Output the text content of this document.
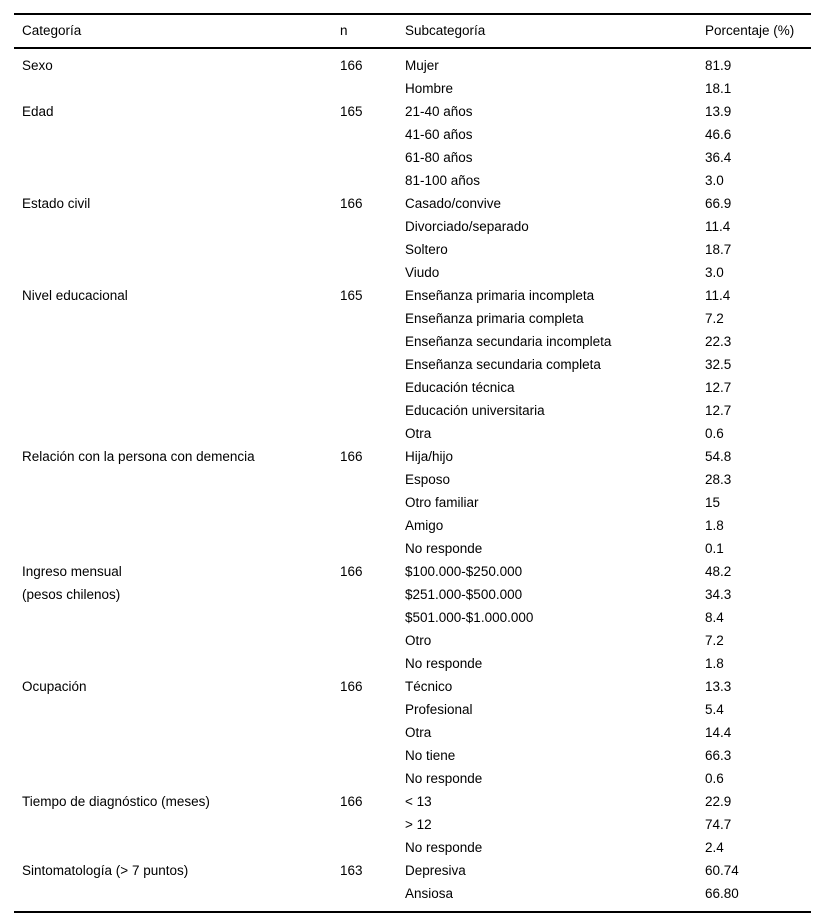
Categoría	n	Subcategoría	Porcentaje (%)
Sexo	166	Mujer	81.9
		Hombre	18.1
Edad	165	21-40 años	13.9
		41-60 años	46.6
		61-80 años	36.4
		81-100 años	3.0
Estado civil	166	Casado/convive	66.9
		Divorciado/separado	11.4
		Soltero	18.7
		Viudo	3.0
Nivel educacional	165	Enseñanza primaria incompleta	11.4
		Enseñanza primaria completa	7.2
		Enseñanza secundaria incompleta	22.3
		Enseñanza secundaria completa	32.5
		Educación técnica	12.7
		Educación universitaria	12.7
		Otra	0.6
Relación con la persona con demencia	166	Hija/hijo	54.8
		Esposo	28.3
		Otro familiar	15
		Amigo	1.8
		No responde	0.1
Ingreso mensual	166	$100.000-$250.000	48.2
(pesos chilenos)		$251.000-$500.000	34.3
		$501.000-$1.000.000	8.4
		Otro	7.2
		No responde	1.8
Ocupación	166	Técnico	13.3
		Profesional	5.4
		Otra	14.4
		No tiene	66.3
		No responde	0.6
Tiempo de diagnóstico (meses)	166	< 13	22.9
		> 12	74.7
		No responde	2.4
Sintomatología (> 7 puntos)	163	Depresiva	60.74
		Ansiosa	66.80
